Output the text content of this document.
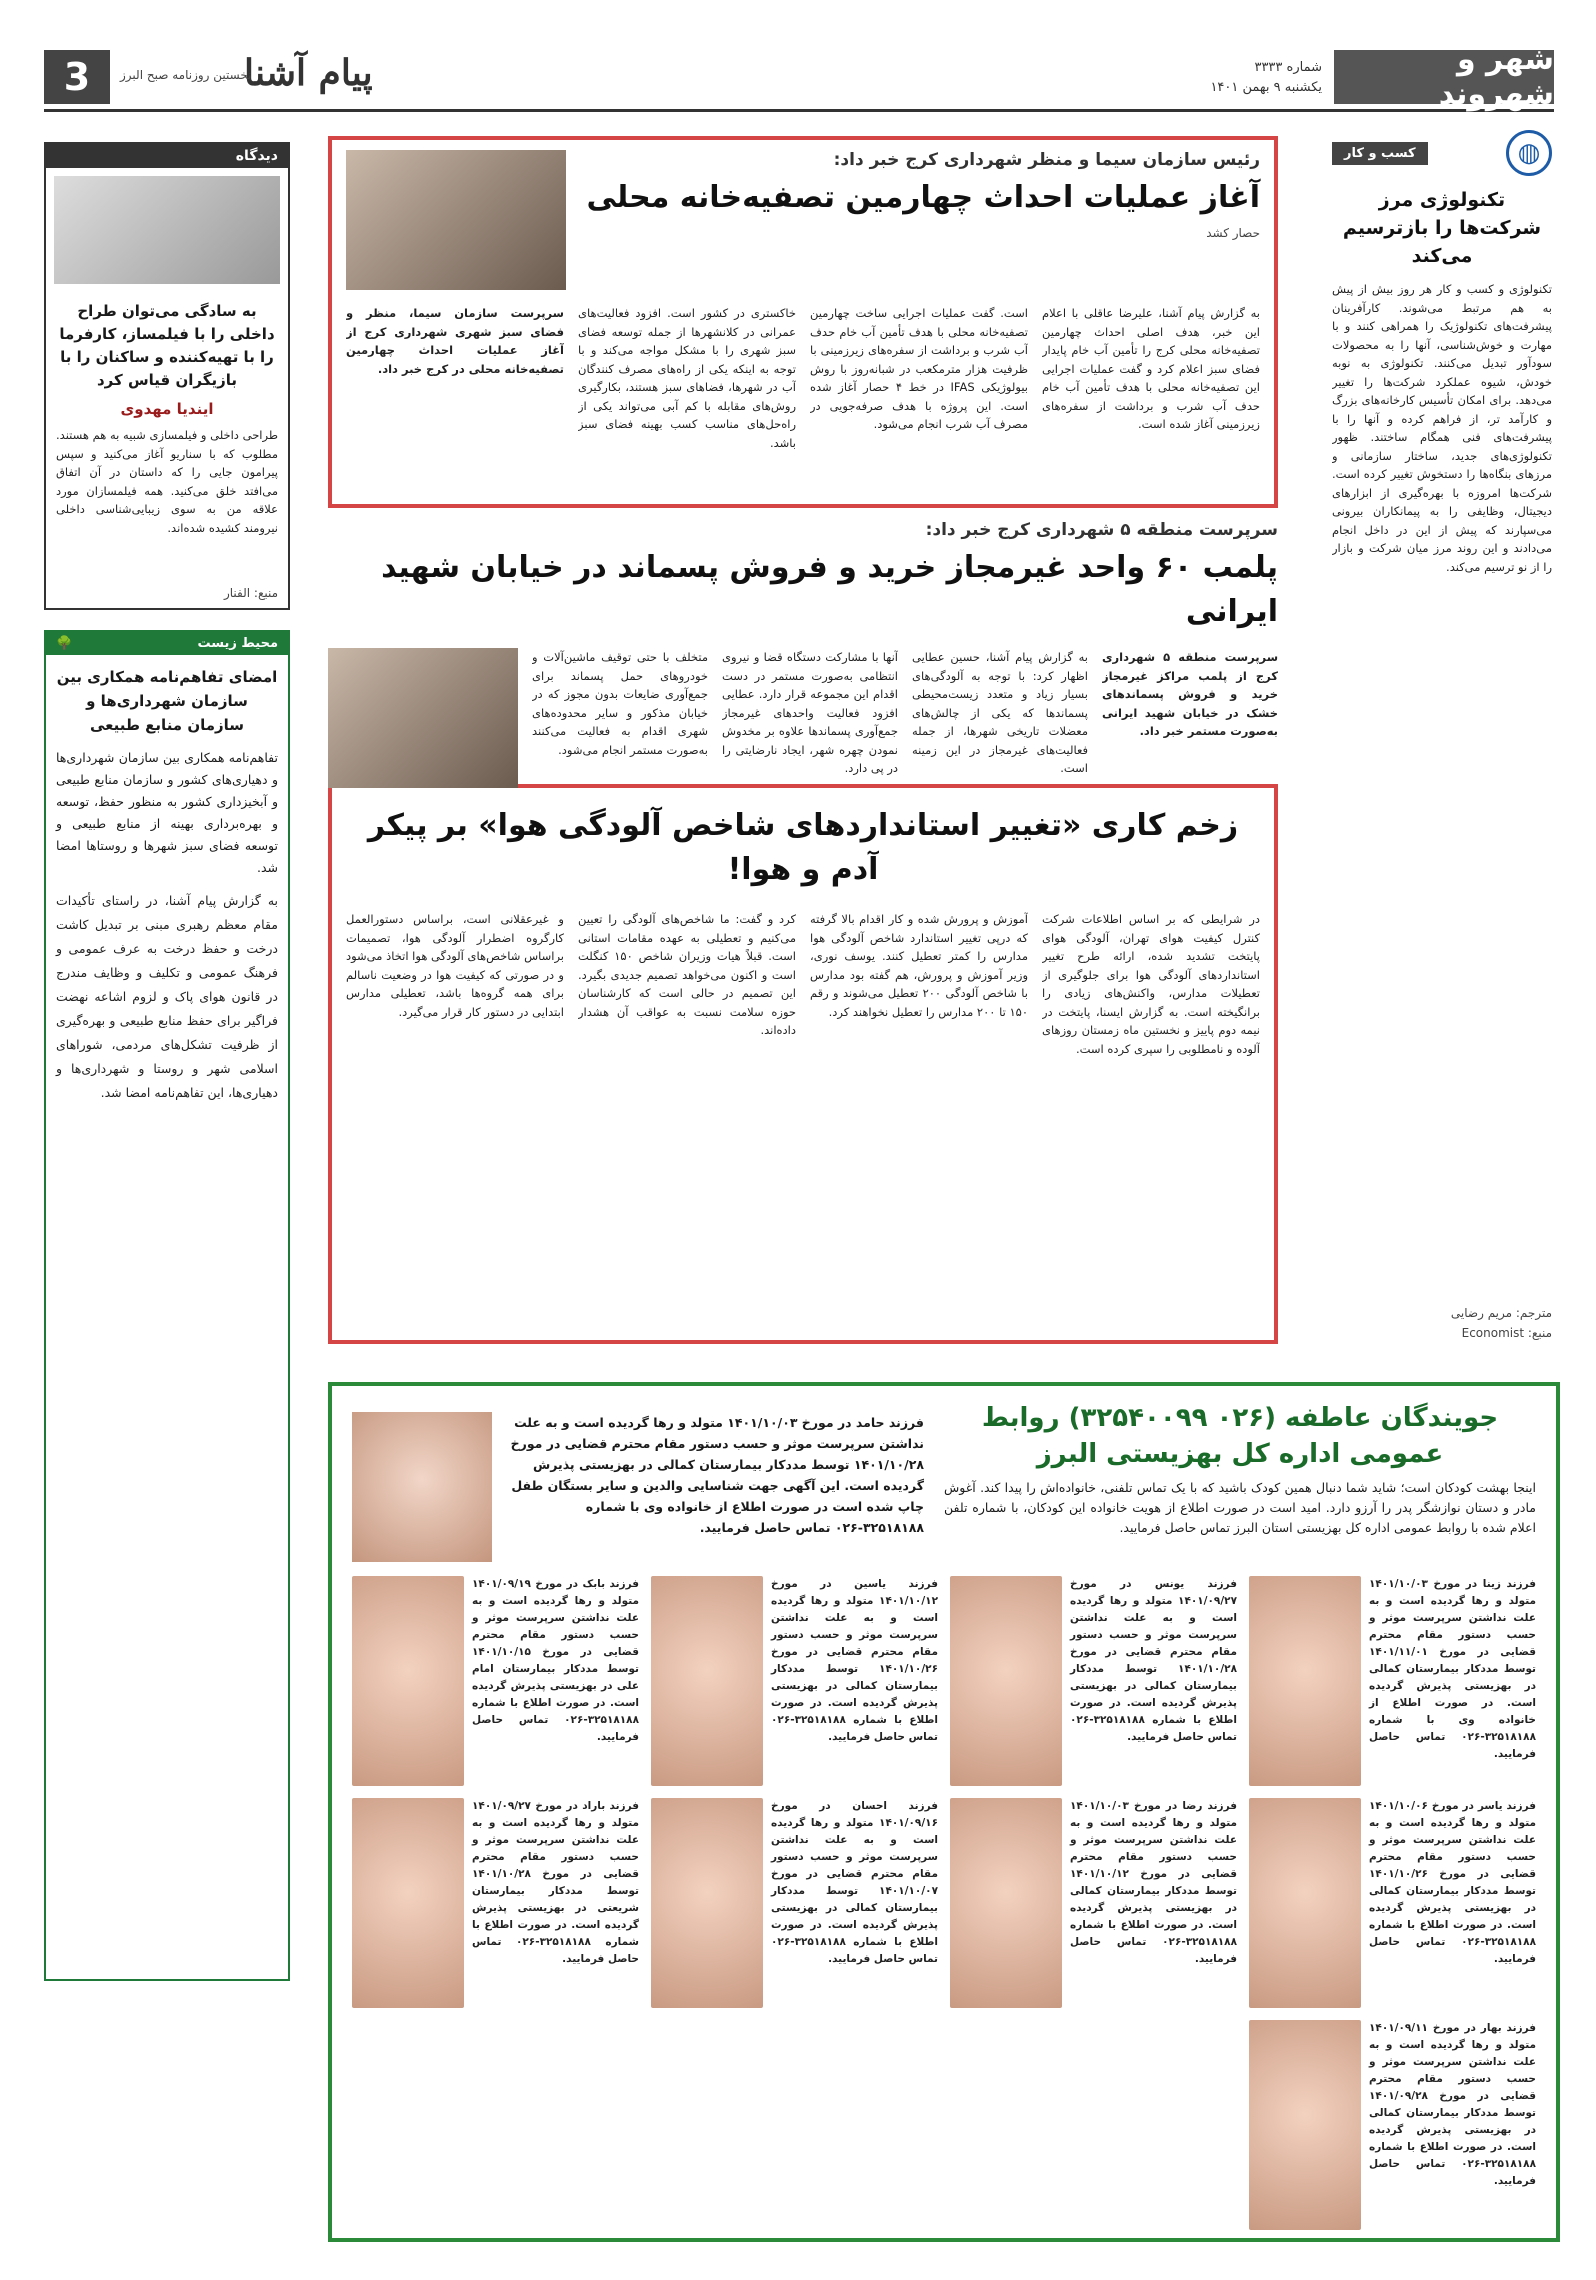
شهر و شهروند
شماره ۳۳۳۳
یکشنبه ۹ بهمن ۱۴۰۱
پیام آشنا
نخستین روزنامه صبح البرز
3
◍
کسب و کار
تکنولوژی مرز شرکت‌ها را بازترسیم می‌کند
تکنولوژی و کسب و کار هر روز بیش از پیش به هم مرتبط می‌شوند. کارآفرینان پیشرفت‌های تکنولوژیک را همراهی کنند و با مهارت و خوش‌شناسی، آنها را به محصولات سودآور تبدیل می‌کنند. تکنولوژی به نوبه خودش، شیوه عملکرد شرکت‌ها را تغییر می‌دهد. برای امکان تأسیس کارخانه‌های بزرگ و کارآمد تر، از فراهم کرده و آنها را با پیشرفت‌های فنی همگام ساختند. ظهور تکنولوژی‌های جدید، ساختار سازمانی و مرزهای بنگاه‌ها را دستخوش تغییر کرده است. شرکت‌ها امروزه با بهره‌گیری از ابزارهای دیجیتال، وظایفی را به پیمانکاران بیرونی می‌سپارند که پیش از این در داخل انجام می‌دادند و این روند مرز میان شرکت و بازار را از نو ترسیم می‌کند.
مترجم: مریم رضایی
منبع: Economist
دیدگاه
به سادگی می‌توان طراح داخلی را با فیلمساز، کارفرما را با تهیه‌کننده و ساکنان را با بازیگران قیاس کرد
ایندیا مهدوی
طراحی داخلی و فیلمسازی شبیه به هم هستند. مطلوب که با سناریو آغاز می‌کنید و سپس پیرامون جایی را که داستان در آن اتفاق می‌افتد خلق می‌کنید. همه فیلمسازان مورد علاقه من به سوی زیبایی‌شناسی داخلی نیرومند کشیده شده‌اند.
منبع: الفنار
محیط زیست
🌳
امضای تفاهم‌نامه همکاری بین سازمان شهرداری‌ها و سازمان منابع طبیعی
تفاهم‌نامه همکاری بین سازمان شهرداری‌ها و دهیاری‌های کشور و سازمان منابع طبیعی و آبخیزداری کشور به منظور حفظ، توسعه و بهره‌برداری بهینه از منابع طبیعی و توسعه فضای سبز شهرها و روستاها امضا شد.
به گزارش پیام آشنا، در راستای تأکیدات مقام معظم رهبری مبنی بر تبدیل کاشت درخت و حفظ درخت به عرف عمومی و فرهنگ عمومی و تکلیف و وظایف مندرج در قانون هوای پاک و لزوم اشاعه نهضت فراگیر برای حفظ منابع طبیعی و بهره‌گیری از ظرفیت تشکل‌های مردمی، شوراهای اسلامی شهر و روستا و شهرداری‌ها و دهیاری‌ها، این تفاهم‌نامه امضا شد.
رئیس سازمان سیما و منظر شهرداری کرج خبر داد:
آغاز عملیات احداث چهارمین تصفیه‌خانه محلی
حصار کشد
به گزارش پیام آشنا، علیرضا عاقلی با اعلام این خبر، هدف اصلی احداث چهارمین تصفیه‌خانه محلی کرج را تأمین آب خام پایدار فضای سبز اعلام کرد و گفت عملیات اجرایی این تصفیه‌خانه محلی با هدف تأمین آب خام حدف آب شرب و برداشت از سفره‌های زیرزمینی آغاز شده است.
است. گفت عملیات اجرایی ساخت چهارمین تصفیه‌خانه محلی با هدف تأمین آب خام حدف آب شرب و برداشت از سفره‌های زیرزمینی با ظرفیت هزار مترمکعب در شبانه‌روز با روش بیولوژیکی IFAS در خط ۴ حصار آغاز شده است. این پروژه با هدف صرفه‌جویی در مصرف آب شرب انجام می‌شود.
خاکستری در کشور است. افزود فعالیت‌های عمرانی در کلانشهرها از جمله توسعه فضای سبز شهری را با مشکل مواجه می‌کند و با توجه به اینکه یکی از راه‌های مصرف کنندگان آب در شهرها، فضاهای سبز هستند، بکارگیری روش‌های مقابله با کم آبی می‌تواند یکی از راه‌حل‌های مناسب کسب بهینه فضای سبز باشد.
سرپرست سازمان سیما، منظر و فضای سبز شهری شهرداری کرج از آغاز عملیات احداث چهارمین تصفیه‌خانه محلی در کرج خبر داد.
سرپرست منطقه ۵ شهرداری کرج خبر داد:
پلمب ۶۰ واحد غیرمجاز خرید و فروش پسماند در خیابان شهید ایرانی
سرپرست منطقه ۵ شهرداری کرج از پلمب مراکز غیرمجاز خرید و فروش پسماندهای خشک در خیابان شهید ایرانی به‌صورت مستمر خبر داد.
به گزارش پیام آشنا، حسین عطایی اظهار کرد: با توجه به آلودگی‌های بسیار زیاد و متعدد زیست‌محیطی پسماندها که یکی از چالش‌های معضلات تاریخی شهرها، از جمله فعالیت‌های غیرمجاز در این زمینه است.
آنها با مشارکت دستگاه قضا و نیروی انتظامی به‌صورت مستمر در دست اقدام این مجموعه قرار دارد. عطایی افزود فعالیت واحدهای غیرمجاز جمع‌آوری پسماندها علاوه بر مخدوش نمودن چهره شهر، ایجاد نارضایتی را در پی دارد.
متخلف با حتی توقیف ماشین‌آلات و خودروهای حمل پسماند برای جمع‌آوری ضایعات بدون مجوز که در خیابان مذکور و سایر محدوده‌های شهری اقدام به فعالیت می‌کنند به‌صورت مستمر انجام می‌شود.
زخم کاری «تغییر استانداردهای شاخص آلودگی هوا» بر پیکر آدم و هوا!
در شرایطی که بر اساس اطلاعات شرکت کنترل کیفیت هوای تهران، آلودگی هوای پایتخت تشدید شده، ارائه طرح تغییر استانداردهای آلودگی هوا برای جلوگیری از تعطیلات مدارس، واکنش‌های زیادی را برانگیخته است. به گزارش ایسنا، پایتخت در نیمه دوم پاییز و نخستین ماه زمستان روزهای آلوده و نامطلوبی را سپری کرده است.
آموزش و پرورش شده و کار اقدام بالا گرفته که درپی تغییر استاندارد شاخص آلودگی هوا مدارس را کمتر تعطیل کنند. یوسف نوری، وزیر آموزش و پرورش، هم گفته بود مدارس با شاخص آلودگی ۲۰۰ تعطیل می‌شوند و رقم ۱۵۰ تا ۲۰۰ مدارس را تعطیل نخواهند کرد.
کرد و گفت: ما شاخص‌های آلودگی را تعیین می‌کنیم و تعطیلی به عهده مقامات استانی است. قبلاً هیات وزیران شاخص ۱۵۰ کنگلت است و اکنون می‌خواهد تصمیم جدیدی بگیرد. این تصمیم در حالی است که کارشناسان حوزه سلامت نسبت به عواقب آن هشدار داده‌اند.
و غیرعقلانی است، براساس دستورالعمل کارگروه اضطرار آلودگی هوا، تصمیمات براساس شاخص‌های آلودگی هوا اتخاذ می‌شود و در صورتی که کیفیت هوا در وضعیت ناسالم برای همه گروه‌ها باشد، تعطیلی مدارس ابتدایی در دستور کار قرار می‌گیرد.
جویندگان عاطفه (۰۲۶ ۳۲۵۴۰۰۹۹) روابط عمومی اداره کل بهزیستی البرز
اینجا بهشت کودکان است؛ شاید شما دنبال همین کودک باشید که با یک تماس تلفنی، خانواده‌اش را پیدا کند. آغوش مادر و دستان نوازشگر پدر را آرزو دارد. امید است در صورت اطلاع از هویت خانواده این کودکان، با شماره تلفن اعلام شده با روابط عمومی اداره کل بهزیستی استان البرز تماس حاصل فرمایید.
فرزند حامد در مورخ ۱۴۰۱/۱۰/۰۳ متولد و رها گردیده است و به علت نداشتن سرپرست موثر و حسب دستور مقام محترم قضایی در مورخ ۱۴۰۱/۱۰/۲۸ توسط مددکار بیمارستان کمالی در بهزیستی پذیرش گردیده است. این آگهی جهت شناسایی والدین و سایر بستگان طفل چاپ شده است در صورت اطلاع از خانواده وی با شماره ۳۲۵۱۸۱۸۸-۰۲۶ تماس حاصل فرمایید.
فرزند زینا در مورخ ۱۴۰۱/۱۰/۰۳ متولد و رها گردیده است و به علت نداشتن سرپرست موثر و حسب دستور مقام محترم قضایی در مورخ ۱۴۰۱/۱۱/۰۱ توسط مددکار بیمارستان کمالی در بهزیستی پذیرش گردیده است. در صورت اطلاع از خانواده وی با شماره ۳۲۵۱۸۱۸۸-۰۲۶ تماس حاصل فرمایید.
فرزند یونس در مورخ ۱۴۰۱/۰۹/۲۷ متولد و رها گردیده است و به علت نداشتن سرپرست موثر و حسب دستور مقام محترم قضایی در مورخ ۱۴۰۱/۱۰/۲۸ توسط مددکار بیمارستان کمالی در بهزیستی پذیرش گردیده است. در صورت اطلاع با شماره ۳۲۵۱۸۱۸۸-۰۲۶ تماس حاصل فرمایید.
فرزند یاسین در مورخ ۱۴۰۱/۱۰/۱۲ متولد و رها گردیده است و به علت نداشتن سرپرست موثر و حسب دستور مقام محترم قضایی در مورخ ۱۴۰۱/۱۰/۲۶ توسط مددکار بیمارستان کمالی در بهزیستی پذیرش گردیده است. در صورت اطلاع با شماره ۳۲۵۱۸۱۸۸-۰۲۶ تماس حاصل فرمایید.
فرزند بابک در مورخ ۱۴۰۱/۰۹/۱۹ متولد و رها گردیده است و به علت نداشتن سرپرست موثر و حسب دستور مقام محترم قضایی در مورخ ۱۴۰۱/۱۰/۱۵ توسط مددکار بیمارستان امام علی در بهزیستی پذیرش گردیده است. در صورت اطلاع با شماره ۳۲۵۱۸۱۸۸-۰۲۶ تماس حاصل فرمایید.
فرزند یاسر در مورخ ۱۴۰۱/۱۰/۰۶ متولد و رها گردیده است و به علت نداشتن سرپرست موثر و حسب دستور مقام محترم قضایی در مورخ ۱۴۰۱/۱۰/۲۶ توسط مددکار بیمارستان کمالی در بهزیستی پذیرش گردیده است. در صورت اطلاع با شماره ۳۲۵۱۸۱۸۸-۰۲۶ تماس حاصل فرمایید.
فرزند رضا در مورخ ۱۴۰۱/۱۰/۰۳ متولد و رها گردیده است و به علت نداشتن سرپرست موثر و حسب دستور مقام محترم قضایی در مورخ ۱۴۰۱/۱۰/۱۲ توسط مددکار بیمارستان کمالی در بهزیستی پذیرش گردیده است. در صورت اطلاع با شماره ۳۲۵۱۸۱۸۸-۰۲۶ تماس حاصل فرمایید.
فرزند احسان در مورخ ۱۴۰۱/۰۹/۱۶ متولد و رها گردیده است و به علت نداشتن سرپرست موثر و حسب دستور مقام محترم قضایی در مورخ ۱۴۰۱/۱۰/۰۷ توسط مددکار بیمارستان کمالی در بهزیستی پذیرش گردیده است. در صورت اطلاع با شماره ۳۲۵۱۸۱۸۸-۰۲۶ تماس حاصل فرمایید.
فرزند باراد در مورخ ۱۴۰۱/۰۹/۲۷ متولد و رها گردیده است و به علت نداشتن سرپرست موثر و حسب دستور مقام محترم قضایی در مورخ ۱۴۰۱/۱۰/۲۸ توسط مددکار بیمارستان شریعتی در بهزیستی پذیرش گردیده است. در صورت اطلاع با شماره ۳۲۵۱۸۱۸۸-۰۲۶ تماس حاصل فرمایید.
فرزند بهار در مورخ ۱۴۰۱/۰۹/۱۱ متولد و رها گردیده است و به علت نداشتن سرپرست موثر و حسب دستور مقام محترم قضایی در مورخ ۱۴۰۱/۰۹/۲۸ توسط مددکار بیمارستان کمالی در بهزیستی پذیرش گردیده است. در صورت اطلاع با شماره ۳۲۵۱۸۱۸۸-۰۲۶ تماس حاصل فرمایید.
